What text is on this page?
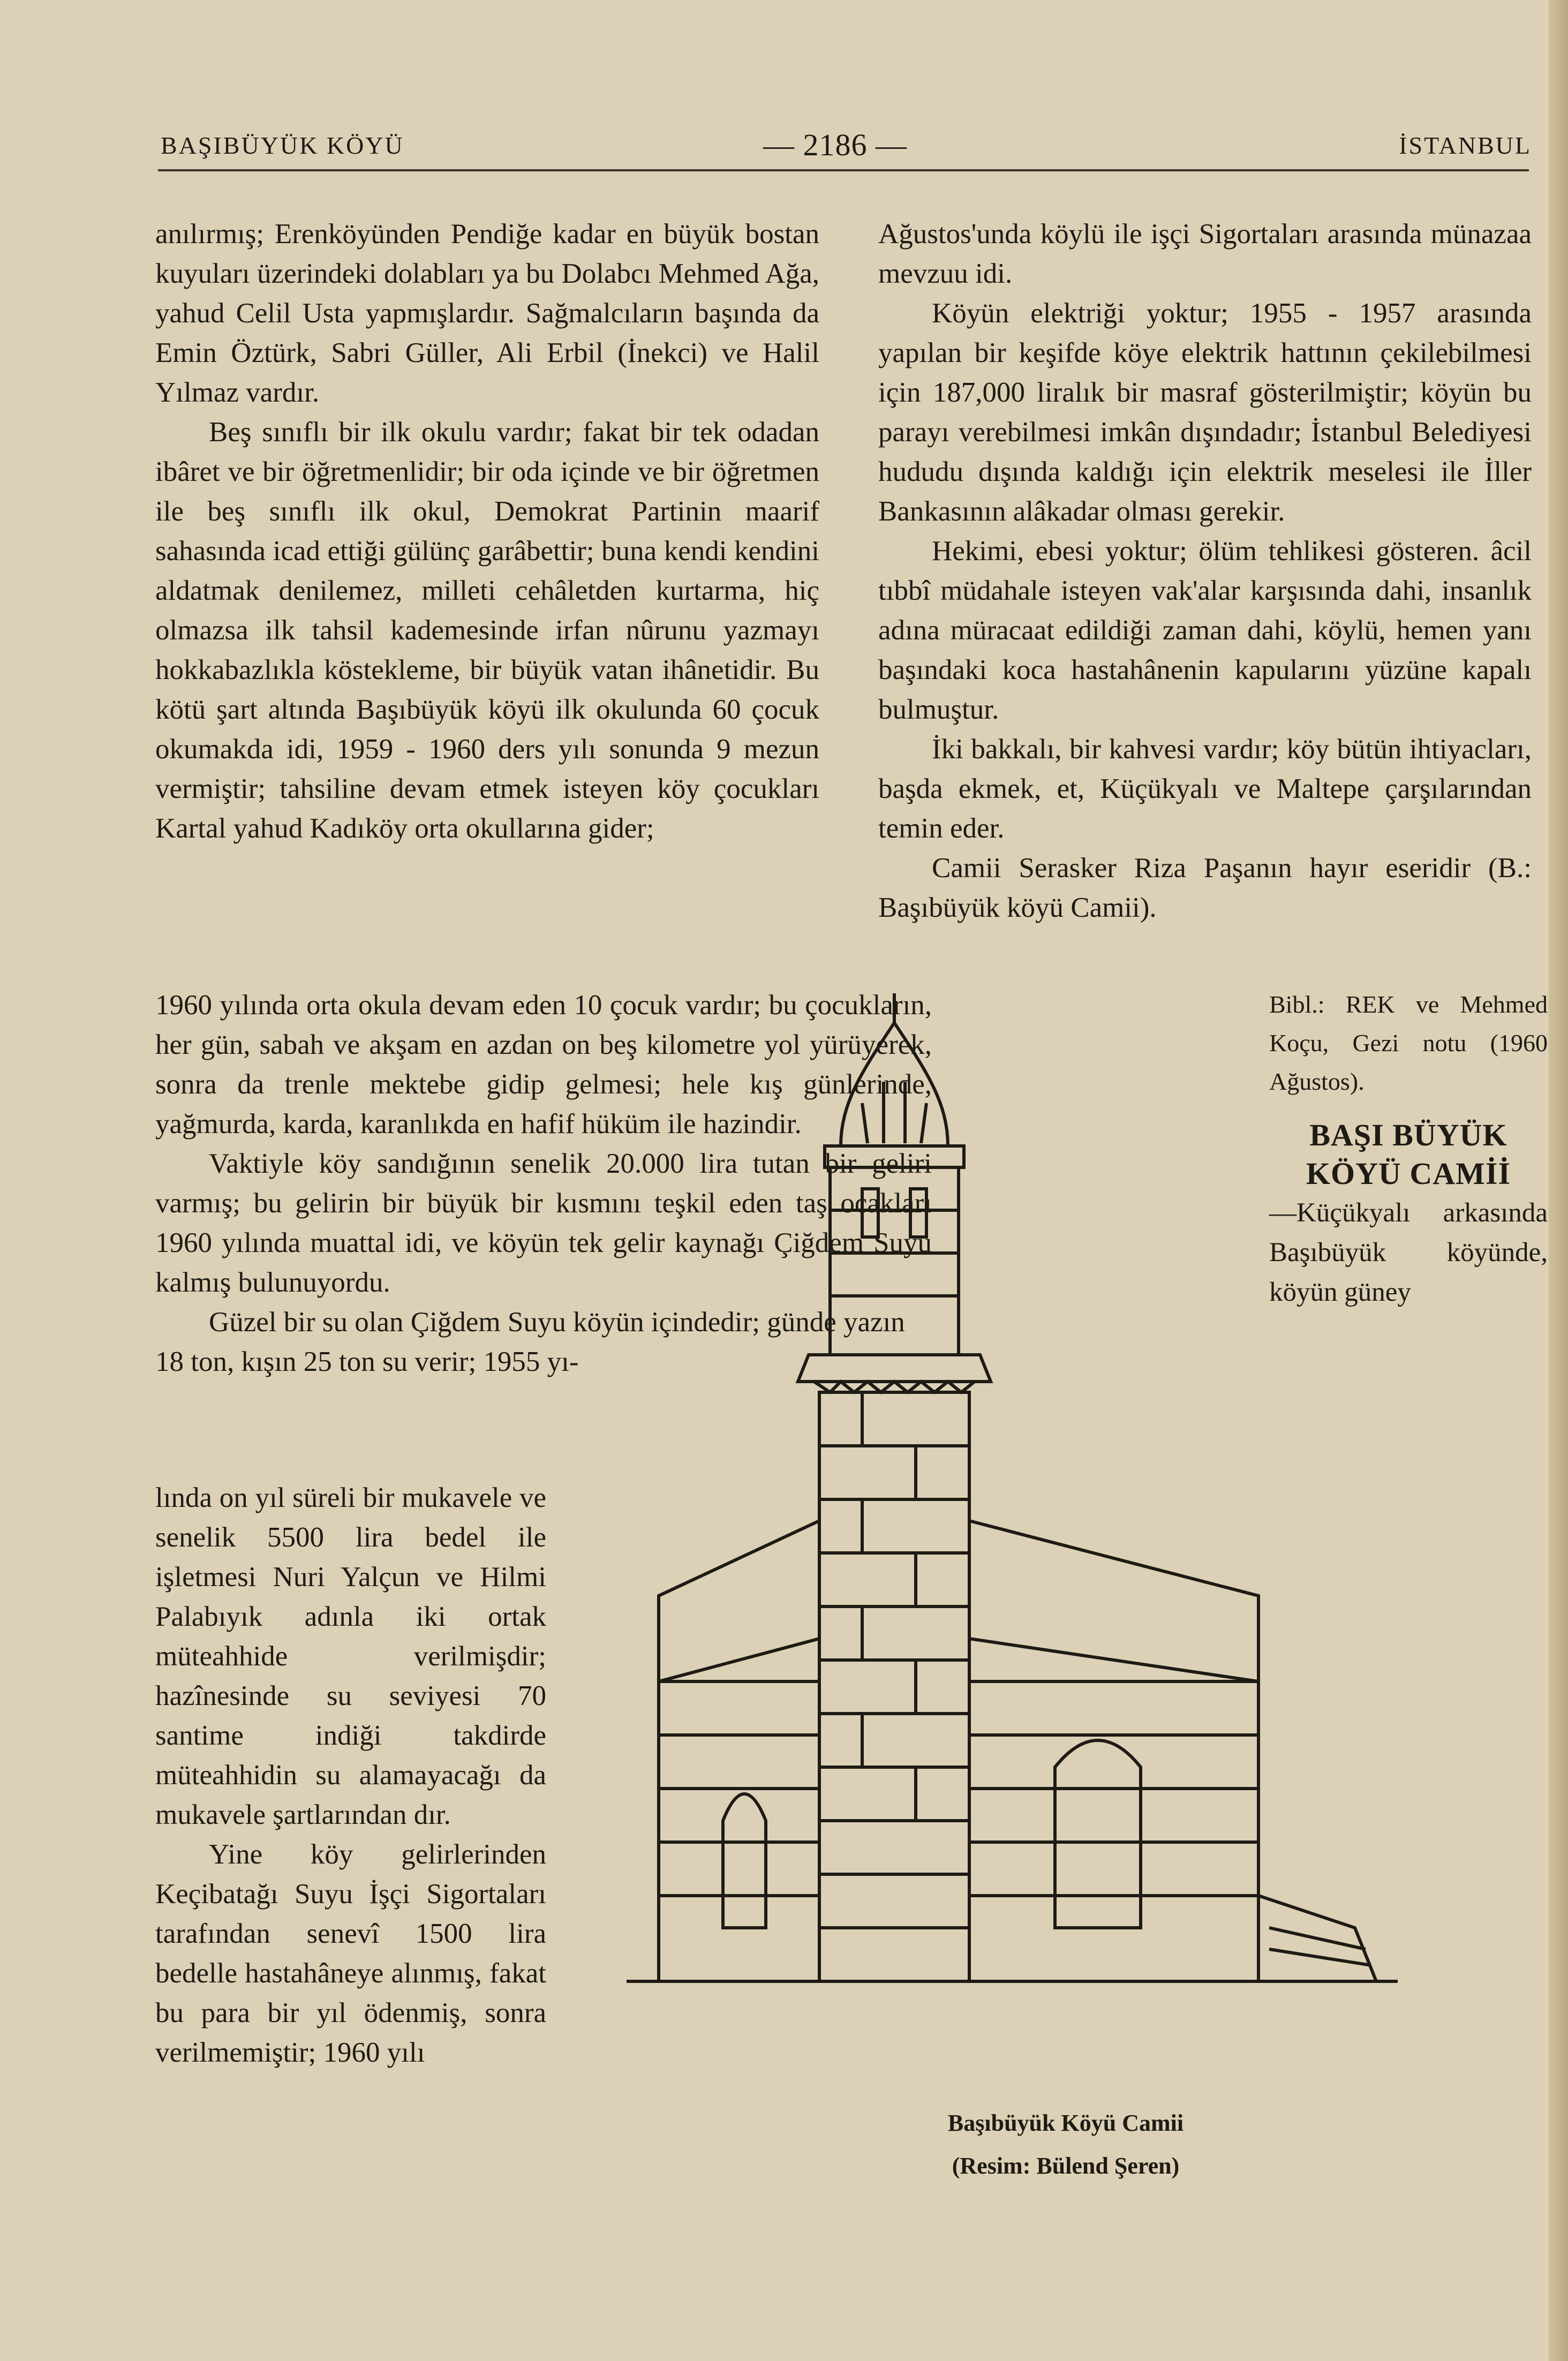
BAŞIBÜYÜK KÖYÜ	— 2186 —	İSTANBUL

anılırmış; Erenköyünden Pendiğe kadar en büyük bostan kuyuları üzerindeki dolabları ya bu Dolabcı Mehmed Ağa, yahud Celil Usta yapmışlardır. Sağmalcıların başında da Emin Öztürk, Sabri Güller, Ali Erbil (İnekci) ve Halil Yılmaz vardır.

Beş sınıflı bir ilk okulu vardır; fakat bir tek odadan ibâret ve bir öğretmenlidir; bir oda içinde ve bir öğretmen ile beş sınıflı ilk okul, Demokrat Partinin maarif sahasında icad ettiği gülünç garâbettir; buna kendi kendini aldatmak denilemez, milleti cehâletden kurtarma, hiç olmazsa ilk tahsil kademesinde irfan nûrunu yazmayı hokkabazlıkla köstekleme, bir büyük vatan ihânetidir. Bu kötü şart altında Başıbüyük köyü ilk okulunda 60 çocuk okumakda idi, 1959 - 1960 ders yılı sonunda 9 mezun vermiştir; tahsiline devam etmek isteyen köy çocukları Kartal yahud Kadıköy orta okullarına gider;

Ağustos'unda köylü ile işçi Sigortaları arasında münazaa mevzuu idi.

Köyün elektriği yoktur; 1955 - 1957 arasında yapılan bir keşifde köye elektrik hattının çekilebilmesi için 187,000 liralık bir masraf gösterilmiştir; köyün bu parayı verebilmesi imkân dışındadır; İstanbul Belediyesi hududu dışında kaldığı için elektrik meselesi ile İller Bankasının alâkadar olması gerekir.

Hekimi, ebesi yoktur; ölüm tehlikesi gösteren. âcil tıbbî müdahale isteyen vak'alar karşısında dahi, insanlık adına müracaat edildiği zaman dahi, köylü, hemen yanı başındaki koca hastahânenin kapularını yüzüne kapalı bulmuştur.

İki bakkalı, bir kahvesi vardır; köy bütün ihtiyacları, başda ekmek, et, Küçükyalı ve Maltepe çarşılarından temin eder.

Camii Serasker Riza Paşanın hayır eseridir (B.: Başıbüyük köyü Camii).

1960 yılında orta okula devam eden 10 çocuk vardır; bu çocukların, her gün, sabah ve akşam en azdan on beş kilometre yol yürüyerek, sonra da trenle mektebe gidip gelmesi; hele kış günlerinde, yağmurda, karda, karanlıkda en hafif hüküm ile hazindir.

Vaktiyle köy sandığının senelik 20.000 lira tutan bir geliri varmış; bu gelirin bir büyük bir kısmını teşkil eden taş ocakları 1960 yılında muattal idi, ve köyün tek gelir kaynağı Çiğdem Suyu kalmış bulunuyordu.

Güzel bir su olan Çiğdem Suyu köyün içindedir; günde yazın 18 ton, kışın 25 ton su verir; 1955 yı-

lında on yıl süreli bir mukavele ve senelik 5500 lira bedel ile işletmesi Nuri Yalçun ve Hilmi Palabıyık adınla iki ortak müteahhide verilmişdir; hazînesinde su seviyesi 70 santime indiği takdirde müteahhidin su alamayacağı da mukavele şartlarından dır.

Yine köy gelirlerinden Keçibatağı Suyu İşçi Sigortaları tarafından senevî 1500 lira bedelle hastahâneye alınmış, fakat bu para bir yıl ödenmiş, sonra verilmemiştir; 1960 yılı

Bibl.: REK ve Mehmed Koçu, Gezi notu (1960 Ağustos).

BAŞI BÜYÜK KÖYÜ CAMİİ

—Küçükyalı arkasında Başıbüyük köyünde, köyün güney

Başıbüyük Köyü Camii
(Resim: Bülend Şeren)
